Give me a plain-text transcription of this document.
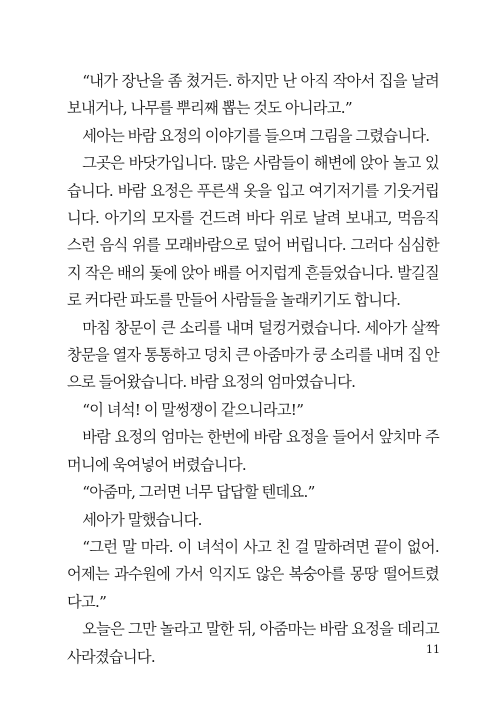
“내가 장난을 좀 쳤거든. 하지만 난 아직 작아서 집을 날려 보내거나, 나무를 뿌리째 뽑는 것도 아니라고.”

세아는 바람 요정의 이야기를 들으며 그림을 그렸습니다.

그곳은 바닷가입니다. 많은 사람들이 해변에 앉아 놀고 있습니다. 바람 요정은 푸른색 옷을 입고 여기저기를 기웃거립니다. 아기의 모자를 건드려 바다 위로 날려 보내고, 먹음직스런 음식 위를 모래바람으로 덮어 버립니다. 그러다 심심한지 작은 배의 돛에 앉아 배를 어지럽게 흔들었습니다. 발길질로 커다란 파도를 만들어 사람들을 놀래키기도 합니다.

마침 창문이 큰 소리를 내며 덜컹거렸습니다. 세아가 살짝 창문을 열자 통통하고 덩치 큰 아줌마가 쿵 소리를 내며 집 안으로 들어왔습니다. 바람 요정의 엄마였습니다.

“이 녀석! 이 말썽쟁이 같으니라고!”

바람 요정의 엄마는 한번에 바람 요정을 들어서 앞치마 주머니에 욱여넣어 버렸습니다.

“아줌마, 그러면 너무 답답할 텐데요.”

세아가 말했습니다.

“그런 말 마라. 이 녀석이 사고 친 걸 말하려면 끝이 없어. 어제는 과수원에 가서 익지도 않은 복숭아를 몽땅 떨어트렸다고.”

오늘은 그만 놀라고 말한 뒤, 아줌마는 바람 요정을 데리고 사라졌습니다.	11
